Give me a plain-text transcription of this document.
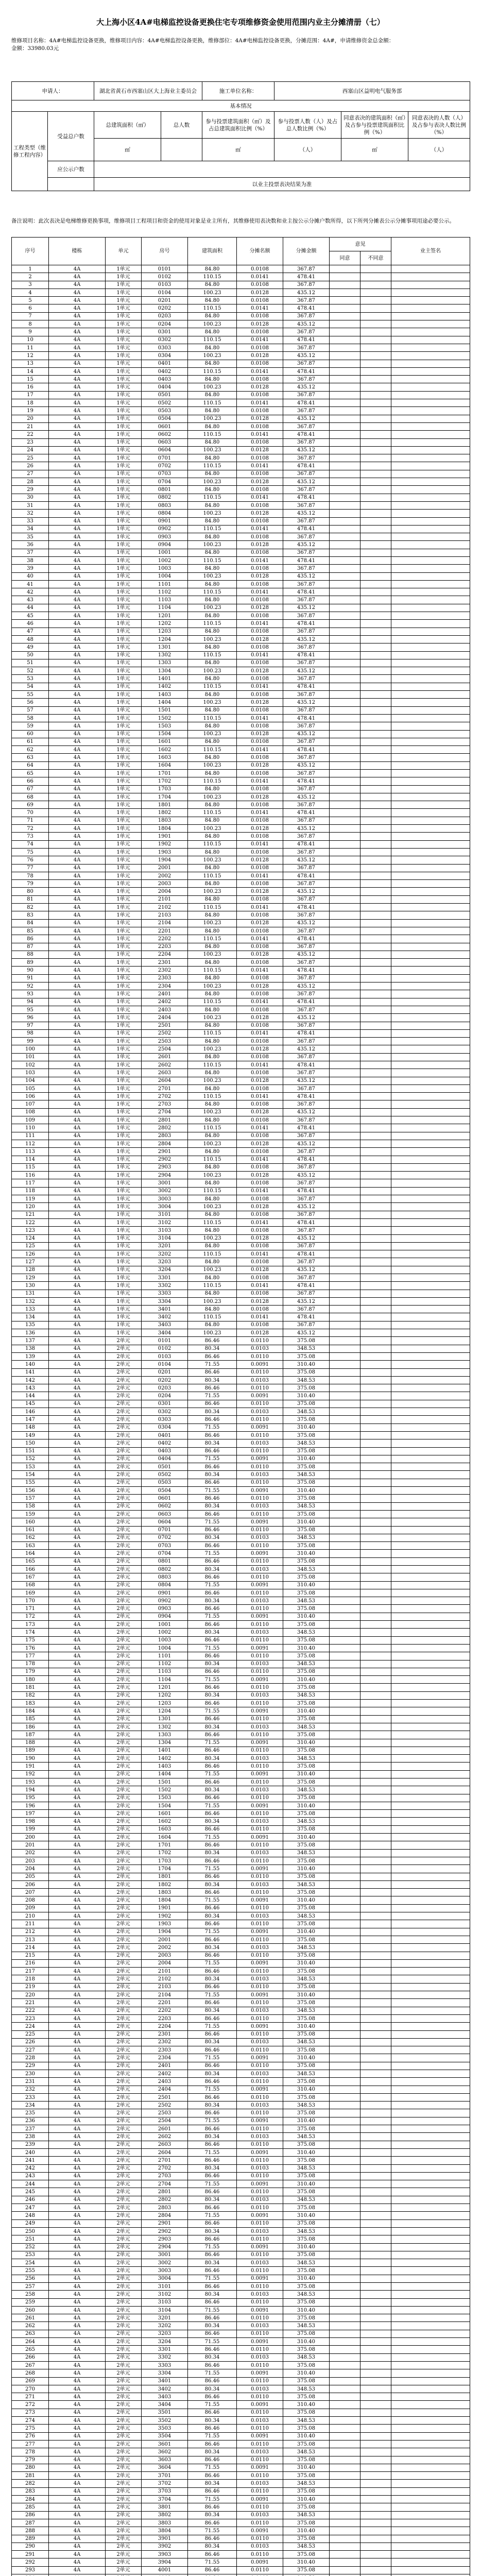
大上海小区4A#电梯监控设备更换住宅专项维修资金使用范围内业主分摊清册（七）
维修项目名称：4A#电梯监控设备更换，维修项目内容：4A#电梯监控设备更换，维修部位：4A#电梯监控设备更换，分摊范围：4A#，申请维修资金总金额：
金额：33980.03元
申请人：		湖北省黄石市西塞山区大上海业主委员会		施工单位名称：	西塞山区益明电气服务部		
基本情况							
工程类型（维修工程内容）	受益总户数	总建筑面积（㎡）	总人数	参与投票建筑面积（㎡）及占总建筑面积比例（%）	参与投票人数（人）及占总人数比例（%）	同意表决的建筑面积（㎡）及占参与投票建筑面积比例（%）	同意表决的人数（人）及占参与表决人数比例（%）
		㎡		㎡	（人）	㎡	（人）
	应公示户数						
		以业主投票表决结果为准					
备注说明：此次表决是电梯维修更换事项，维修项目工程项目和资金的使用对象是业主所有，其维修使用表决数和业主按公示分摊户数所得，以下所列分摊表公示分摊事项用途必要公示。
序号	楼栋	单元	房号	建筑面积	分摊名额	分摊金额	意见		业主签名
							同意	不同意	
1	4A	1单元	0101	84.80	0.0108	367.87			
2	4A	1单元	0102	110.15	0.0141	478.41			
3	4A	1单元	0103	84.80	0.0108	367.87			
4	4A	1单元	0104	100.23	0.0128	435.12			
5	4A	1单元	0201	84.80	0.0108	367.87			
6	4A	1单元	0202	110.15	0.0141	478.41			
7	4A	1单元	0203	84.80	0.0108	367.87			
8	4A	1单元	0204	100.23	0.0128	435.12			
9	4A	1单元	0301	84.80	0.0108	367.87			
10	4A	1单元	0302	110.15	0.0141	478.41			
11	4A	1单元	0303	84.80	0.0108	367.87			
12	4A	1单元	0304	100.23	0.0128	435.12			
13	4A	1单元	0401	84.80	0.0108	367.87			
14	4A	1单元	0402	110.15	0.0141	478.41			
15	4A	1单元	0403	84.80	0.0108	367.87			
16	4A	1单元	0404	100.23	0.0128	435.12			
17	4A	1单元	0501	84.80	0.0108	367.87			
18	4A	1单元	0502	110.15	0.0141	478.41			
19	4A	1单元	0503	84.80	0.0108	367.87			
20	4A	1单元	0504	100.23	0.0128	435.12			
21	4A	1单元	0601	84.80	0.0108	367.87			
22	4A	1单元	0602	110.15	0.0141	478.41			
23	4A	1单元	0603	84.80	0.0108	367.87			
24	4A	1单元	0604	100.23	0.0128	435.12			
25	4A	1单元	0701	84.80	0.0108	367.87			
26	4A	1单元	0702	110.15	0.0141	478.41			
27	4A	1单元	0703	84.80	0.0108	367.87			
28	4A	1单元	0704	100.23	0.0128	435.12			
29	4A	1单元	0801	84.80	0.0108	367.87			
30	4A	1单元	0802	110.15	0.0141	478.41			
31	4A	1单元	0803	84.80	0.0108	367.87			
32	4A	1单元	0804	100.23	0.0128	435.12			
33	4A	1单元	0901	84.80	0.0108	367.87			
34	4A	1单元	0902	110.15	0.0141	478.41			
35	4A	1单元	0903	84.80	0.0108	367.87			
36	4A	1单元	0904	100.23	0.0128	435.12			
37	4A	1单元	1001	84.80	0.0108	367.87			
38	4A	1单元	1002	110.15	0.0141	478.41			
39	4A	1单元	1003	84.80	0.0108	367.87			
40	4A	1单元	1004	100.23	0.0128	435.12			
41	4A	1单元	1101	84.80	0.0108	367.87			
42	4A	1单元	1102	110.15	0.0141	478.41			
43	4A	1单元	1103	84.80	0.0108	367.87			
44	4A	1单元	1104	100.23	0.0128	435.12			
45	4A	1单元	1201	84.80	0.0108	367.87			
46	4A	1单元	1202	110.15	0.0141	478.41			
47	4A	1单元	1203	84.80	0.0108	367.87			
48	4A	1单元	1204	100.23	0.0128	435.12			
49	4A	1单元	1301	84.80	0.0108	367.87			
50	4A	1单元	1302	110.15	0.0141	478.41			
51	4A	1单元	1303	84.80	0.0108	367.87			
52	4A	1单元	1304	100.23	0.0128	435.12			
53	4A	1单元	1401	84.80	0.0108	367.87			
54	4A	1单元	1402	110.15	0.0141	478.41			
55	4A	1单元	1403	84.80	0.0108	367.87			
56	4A	1单元	1404	100.23	0.0128	435.12			
57	4A	1单元	1501	84.80	0.0108	367.87			
58	4A	1单元	1502	110.15	0.0141	478.41			
59	4A	1单元	1503	84.80	0.0108	367.87			
60	4A	1单元	1504	100.23	0.0128	435.12			
61	4A	1单元	1601	84.80	0.0108	367.87			
62	4A	1单元	1602	110.15	0.0141	478.41			
63	4A	1单元	1603	84.80	0.0108	367.87			
64	4A	1单元	1604	100.23	0.0128	435.12			
65	4A	1单元	1701	84.80	0.0108	367.87			
66	4A	1单元	1702	110.15	0.0141	478.41			
67	4A	1单元	1703	84.80	0.0108	367.87			
68	4A	1单元	1704	100.23	0.0128	435.12			
69	4A	1单元	1801	84.80	0.0108	367.87			
70	4A	1单元	1802	110.15	0.0141	478.41			
71	4A	1单元	1803	84.80	0.0108	367.87			
72	4A	1单元	1804	100.23	0.0128	435.12			
73	4A	1单元	1901	84.80	0.0108	367.87			
74	4A	1单元	1902	110.15	0.0141	478.41			
75	4A	1单元	1903	84.80	0.0108	367.87			
76	4A	1单元	1904	100.23	0.0128	435.12			
77	4A	1单元	2001	84.80	0.0108	367.87			
78	4A	1单元	2002	110.15	0.0141	478.41			
79	4A	1单元	2003	84.80	0.0108	367.87			
80	4A	1单元	2004	100.23	0.0128	435.12			
81	4A	1单元	2101	84.80	0.0108	367.87			
82	4A	1单元	2102	110.15	0.0141	478.41			
83	4A	1单元	2103	84.80	0.0108	367.87			
84	4A	1单元	2104	100.23	0.0128	435.12			
85	4A	1单元	2201	84.80	0.0108	367.87			
86	4A	1单元	2202	110.15	0.0141	478.41			
87	4A	1单元	2203	84.80	0.0108	367.87			
88	4A	1单元	2204	100.23	0.0128	435.12			
89	4A	1单元	2301	84.80	0.0108	367.87			
90	4A	1单元	2302	110.15	0.0141	478.41			
91	4A	1单元	2303	84.80	0.0108	367.87			
92	4A	1单元	2304	100.23	0.0128	435.12			
93	4A	1单元	2401	84.80	0.0108	367.87			
94	4A	1单元	2402	110.15	0.0141	478.41			
95	4A	1单元	2403	84.80	0.0108	367.87			
96	4A	1单元	2404	100.23	0.0128	435.12			
97	4A	1单元	2501	84.80	0.0108	367.87			
98	4A	1单元	2502	110.15	0.0141	478.41			
99	4A	1单元	2503	84.80	0.0108	367.87			
100	4A	1单元	2504	100.23	0.0128	435.12			
101	4A	1单元	2601	84.80	0.0108	367.87			
102	4A	1单元	2602	110.15	0.0141	478.41			
103	4A	1单元	2603	84.80	0.0108	367.87			
104	4A	1单元	2604	100.23	0.0128	435.12			
105	4A	1单元	2701	84.80	0.0108	367.87			
106	4A	1单元	2702	110.15	0.0141	478.41			
107	4A	1单元	2703	84.80	0.0108	367.87			
108	4A	1单元	2704	100.23	0.0128	435.12			
109	4A	1单元	2801	84.80	0.0108	367.87			
110	4A	1单元	2802	110.15	0.0141	478.41			
111	4A	1单元	2803	84.80	0.0108	367.87			
112	4A	1单元	2804	100.23	0.0128	435.12			
113	4A	1单元	2901	84.80	0.0108	367.87			
114	4A	1单元	2902	110.15	0.0141	478.41			
115	4A	1单元	2903	84.80	0.0108	367.87			
116	4A	1单元	2904	100.23	0.0128	435.12			
117	4A	1单元	3001	84.80	0.0108	367.87			
118	4A	1单元	3002	110.15	0.0141	478.41			
119	4A	1单元	3003	84.80	0.0108	367.87			
120	4A	1单元	3004	100.23	0.0128	435.12			
121	4A	1单元	3101	84.80	0.0108	367.87			
122	4A	1单元	3102	110.15	0.0141	478.41			
123	4A	1单元	3103	84.80	0.0108	367.87			
124	4A	1单元	3104	100.23	0.0128	435.12			
125	4A	1单元	3201	84.80	0.0108	367.87			
126	4A	1单元	3202	110.15	0.0141	478.41			
127	4A	1单元	3203	84.80	0.0108	367.87			
128	4A	1单元	3204	100.23	0.0128	435.12			
129	4A	1单元	3301	84.80	0.0108	367.87			
130	4A	1单元	3302	110.15	0.0141	478.41			
131	4A	1单元	3303	84.80	0.0108	367.87			
132	4A	1单元	3304	100.23	0.0128	435.12			
133	4A	1单元	3401	84.80	0.0108	367.87			
134	4A	1单元	3402	110.15	0.0141	478.41			
135	4A	1单元	3403	84.80	0.0108	367.87			
136	4A	1单元	3404	100.23	0.0128	435.12			
137	4A	2单元	0101	86.46	0.0110	375.08			
138	4A	2单元	0102	80.34	0.0103	348.53			
139	4A	2单元	0103	86.46	0.0110	375.08			
140	4A	2单元	0104	71.55	0.0091	310.40			
141	4A	2单元	0201	86.46	0.0110	375.08			
142	4A	2单元	0202	80.34	0.0103	348.53			
143	4A	2单元	0203	86.46	0.0110	375.08			
144	4A	2单元	0204	71.55	0.0091	310.40			
145	4A	2单元	0301	86.46	0.0110	375.08			
146	4A	2单元	0302	80.34	0.0103	348.53			
147	4A	2单元	0303	86.46	0.0110	375.08			
148	4A	2单元	0304	71.55	0.0091	310.40			
149	4A	2单元	0401	86.46	0.0110	375.08			
150	4A	2单元	0402	80.34	0.0103	348.53			
151	4A	2单元	0403	86.46	0.0110	375.08			
152	4A	2单元	0404	71.55	0.0091	310.40			
153	4A	2单元	0501	86.46	0.0110	375.08			
154	4A	2单元	0502	80.34	0.0103	348.53			
155	4A	2单元	0503	86.46	0.0110	375.08			
156	4A	2单元	0504	71.55	0.0091	310.40			
157	4A	2单元	0601	86.46	0.0110	375.08			
158	4A	2单元	0602	80.34	0.0103	348.53			
159	4A	2单元	0603	86.46	0.0110	375.08			
160	4A	2单元	0604	71.55	0.0091	310.40			
161	4A	2单元	0701	86.46	0.0110	375.08			
162	4A	2单元	0702	80.34	0.0103	348.53			
163	4A	2单元	0703	86.46	0.0110	375.08			
164	4A	2单元	0704	71.55	0.0091	310.40			
165	4A	2单元	0801	86.46	0.0110	375.08			
166	4A	2单元	0802	80.34	0.0103	348.53			
167	4A	2单元	0803	86.46	0.0110	375.08			
168	4A	2单元	0804	71.55	0.0091	310.40			
169	4A	2单元	0901	86.46	0.0110	375.08			
170	4A	2单元	0902	80.34	0.0103	348.53			
171	4A	2单元	0903	86.46	0.0110	375.08			
172	4A	2单元	0904	71.55	0.0091	310.40			
173	4A	2单元	1001	86.46	0.0110	375.08			
174	4A	2单元	1002	80.34	0.0103	348.53			
175	4A	2单元	1003	86.46	0.0110	375.08			
176	4A	2单元	1004	71.55	0.0091	310.40			
177	4A	2单元	1101	86.46	0.0110	375.08			
178	4A	2单元	1102	80.34	0.0103	348.53			
179	4A	2单元	1103	86.46	0.0110	375.08			
180	4A	2单元	1104	71.55	0.0091	310.40			
181	4A	2单元	1201	86.46	0.0110	375.08			
182	4A	2单元	1202	80.34	0.0103	348.53			
183	4A	2单元	1203	86.46	0.0110	375.08			
184	4A	2单元	1204	71.55	0.0091	310.40			
185	4A	2单元	1301	86.46	0.0110	375.08			
186	4A	2单元	1302	80.34	0.0103	348.53			
187	4A	2单元	1303	86.46	0.0110	375.08			
188	4A	2单元	1304	71.55	0.0091	310.40			
189	4A	2单元	1401	86.46	0.0110	375.08			
190	4A	2单元	1402	80.34	0.0103	348.53			
191	4A	2单元	1403	86.46	0.0110	375.08			
192	4A	2单元	1404	71.55	0.0091	310.40			
193	4A	2单元	1501	86.46	0.0110	375.08			
194	4A	2单元	1502	80.34	0.0103	348.53			
195	4A	2单元	1503	86.46	0.0110	375.08			
196	4A	2单元	1504	71.55	0.0091	310.40			
197	4A	2单元	1601	86.46	0.0110	375.08			
198	4A	2单元	1602	80.34	0.0103	348.53			
199	4A	2单元	1603	86.46	0.0110	375.08			
200	4A	2单元	1604	71.55	0.0091	310.40			
201	4A	2单元	1701	86.46	0.0110	375.08			
202	4A	2单元	1702	80.34	0.0103	348.53			
203	4A	2单元	1703	86.46	0.0110	375.08			
204	4A	2单元	1704	71.55	0.0091	310.40			
205	4A	2单元	1801	86.46	0.0110	375.08			
206	4A	2单元	1802	80.34	0.0103	348.53			
207	4A	2单元	1803	86.46	0.0110	375.08			
208	4A	2单元	1804	71.55	0.0091	310.40			
209	4A	2单元	1901	86.46	0.0110	375.08			
210	4A	2单元	1902	80.34	0.0103	348.53			
211	4A	2单元	1903	86.46	0.0110	375.08			
212	4A	2单元	1904	71.55	0.0091	310.40			
213	4A	2单元	2001	86.46	0.0110	375.08			
214	4A	2单元	2002	80.34	0.0103	348.53			
215	4A	2单元	2003	86.46	0.0110	375.08			
216	4A	2单元	2004	71.55	0.0091	310.40			
217	4A	2单元	2101	86.46	0.0110	375.08			
218	4A	2单元	2102	80.34	0.0103	348.53			
219	4A	2单元	2103	86.46	0.0110	375.08			
220	4A	2单元	2104	71.55	0.0091	310.40			
221	4A	2单元	2201	86.46	0.0110	375.08			
222	4A	2单元	2202	80.34	0.0103	348.53			
223	4A	2单元	2203	86.46	0.0110	375.08			
224	4A	2单元	2204	71.55	0.0091	310.40			
225	4A	2单元	2301	86.46	0.0110	375.08			
226	4A	2单元	2302	80.34	0.0103	348.53			
227	4A	2单元	2303	86.46	0.0110	375.08			
228	4A	2单元	2304	71.55	0.0091	310.40			
229	4A	2单元	2401	86.46	0.0110	375.08			
230	4A	2单元	2402	80.34	0.0103	348.53			
231	4A	2单元	2403	86.46	0.0110	375.08			
232	4A	2单元	2404	71.55	0.0091	310.40			
233	4A	2单元	2501	86.46	0.0110	375.08			
234	4A	2单元	2502	80.34	0.0103	348.53			
235	4A	2单元	2503	86.46	0.0110	375.08			
236	4A	2单元	2504	71.55	0.0091	310.40			
237	4A	2单元	2601	86.46	0.0110	375.08			
238	4A	2单元	2602	80.34	0.0103	348.53			
239	4A	2单元	2603	86.46	0.0110	375.08			
240	4A	2单元	2604	71.55	0.0091	310.40			
241	4A	2单元	2701	86.46	0.0110	375.08			
242	4A	2单元	2702	80.34	0.0103	348.53			
243	4A	2单元	2703	86.46	0.0110	375.08			
244	4A	2单元	2704	71.55	0.0091	310.40			
245	4A	2单元	2801	86.46	0.0110	375.08			
246	4A	2单元	2802	80.34	0.0103	348.53			
247	4A	2单元	2803	86.46	0.0110	375.08			
248	4A	2单元	2804	71.55	0.0091	310.40			
249	4A	2单元	2901	86.46	0.0110	375.08			
250	4A	2单元	2902	80.34	0.0103	348.53			
251	4A	2单元	2903	86.46	0.0110	375.08			
252	4A	2单元	2904	71.55	0.0091	310.40			
253	4A	2单元	3001	86.46	0.0110	375.08			
254	4A	2单元	3002	80.34	0.0103	348.53			
255	4A	2单元	3003	86.46	0.0110	375.08			
256	4A	2单元	3004	71.55	0.0091	310.40			
257	4A	2单元	3101	86.46	0.0110	375.08			
258	4A	2单元	3102	80.34	0.0103	348.53			
259	4A	2单元	3103	86.46	0.0110	375.08			
260	4A	2单元	3104	71.55	0.0091	310.40			
261	4A	2单元	3201	86.46	0.0110	375.08			
262	4A	2单元	3202	80.34	0.0103	348.53			
263	4A	2单元	3203	86.46	0.0110	375.08			
264	4A	2单元	3204	71.55	0.0091	310.40			
265	4A	2单元	3301	86.46	0.0110	375.08			
266	4A	2单元	3302	80.34	0.0103	348.53			
267	4A	2单元	3303	86.46	0.0110	375.08			
268	4A	2单元	3304	71.55	0.0091	310.40			
269	4A	2单元	3401	86.46	0.0110	375.08			
270	4A	2单元	3402	80.34	0.0103	348.53			
271	4A	2单元	3403	86.46	0.0110	375.08			
272	4A	2单元	3404	71.55	0.0091	310.40			
273	4A	2单元	3501	86.46	0.0110	375.08			
274	4A	2单元	3502	80.34	0.0103	348.53			
275	4A	2单元	3503	86.46	0.0110	375.08			
276	4A	2单元	3504	71.55	0.0091	310.40			
277	4A	2单元	3601	86.46	0.0110	375.08			
278	4A	2单元	3602	80.34	0.0103	348.53			
279	4A	2单元	3603	86.46	0.0110	375.08			
280	4A	2单元	3604	71.55	0.0091	310.40			
281	4A	2单元	3701	86.46	0.0110	375.08			
282	4A	2单元	3702	80.34	0.0103	348.53			
283	4A	2单元	3703	86.46	0.0110	375.08			
284	4A	2单元	3704	71.55	0.0091	310.40			
285	4A	2单元	3801	86.46	0.0110	375.08			
286	4A	2单元	3802	80.34	0.0103	348.53			
287	4A	2单元	3803	86.46	0.0110	375.08			
288	4A	2单元	3804	71.55	0.0091	310.40			
289	4A	2单元	3901	86.46	0.0110	375.08			
290	4A	2单元	3902	80.34	0.0103	348.53			
291	4A	2单元	3903	86.46	0.0110	375.08			
292	4A	2单元	3904	71.55	0.0091	310.40			
293	4A	2单元	4001	86.46	0.0110	375.08			
